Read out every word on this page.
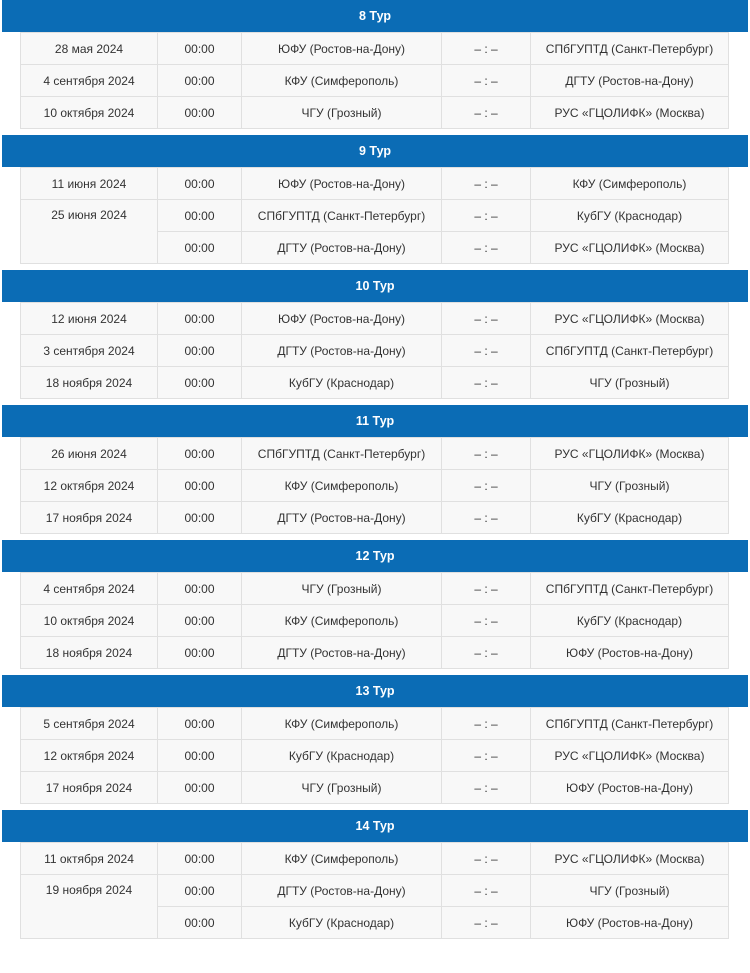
8 Тур
28 мая 2024	00:00	ЮФУ (Ростов-на-Дону)	– : –	СПбГУПТД (Санкт-Петербург)
4 сентября 2024	00:00	КФУ (Симферополь)	– : –	ДГТУ (Ростов-на-Дону)
10 октября 2024	00:00	ЧГУ (Грозный)	– : –	РУС «ГЦОЛИФК» (Москва)
9 Тур
11 июня 2024	00:00	ЮФУ (Ростов-на-Дону)	– : –	КФУ (Симферополь)
25 июня 2024	00:00	СПбГУПТД (Санкт-Петербург)	– : –	КубГУ (Краснодар)
	00:00	ДГТУ (Ростов-на-Дону)	– : –	РУС «ГЦОЛИФК» (Москва)
10 Тур
12 июня 2024	00:00	ЮФУ (Ростов-на-Дону)	– : –	РУС «ГЦОЛИФК» (Москва)
3 сентября 2024	00:00	ДГТУ (Ростов-на-Дону)	– : –	СПбГУПТД (Санкт-Петербург)
18 ноября 2024	00:00	КубГУ (Краснодар)	– : –	ЧГУ (Грозный)
11 Тур
26 июня 2024	00:00	СПбГУПТД (Санкт-Петербург)	– : –	РУС «ГЦОЛИФК» (Москва)
12 октября 2024	00:00	КФУ (Симферополь)	– : –	ЧГУ (Грозный)
17 ноября 2024	00:00	ДГТУ (Ростов-на-Дону)	– : –	КубГУ (Краснодар)
12 Тур
4 сентября 2024	00:00	ЧГУ (Грозный)	– : –	СПбГУПТД (Санкт-Петербург)
10 октября 2024	00:00	КФУ (Симферополь)	– : –	КубГУ (Краснодар)
18 ноября 2024	00:00	ДГТУ (Ростов-на-Дону)	– : –	ЮФУ (Ростов-на-Дону)
13 Тур
5 сентября 2024	00:00	КФУ (Симферополь)	– : –	СПбГУПТД (Санкт-Петербург)
12 октября 2024	00:00	КубГУ (Краснодар)	– : –	РУС «ГЦОЛИФК» (Москва)
17 ноября 2024	00:00	ЧГУ (Грозный)	– : –	ЮФУ (Ростов-на-Дону)
14 Тур
11 октября 2024	00:00	КФУ (Симферополь)	– : –	РУС «ГЦОЛИФК» (Москва)
19 ноября 2024	00:00	ДГТУ (Ростов-на-Дону)	– : –	ЧГУ (Грозный)
	00:00	КубГУ (Краснодар)	– : –	ЮФУ (Ростов-на-Дону)
